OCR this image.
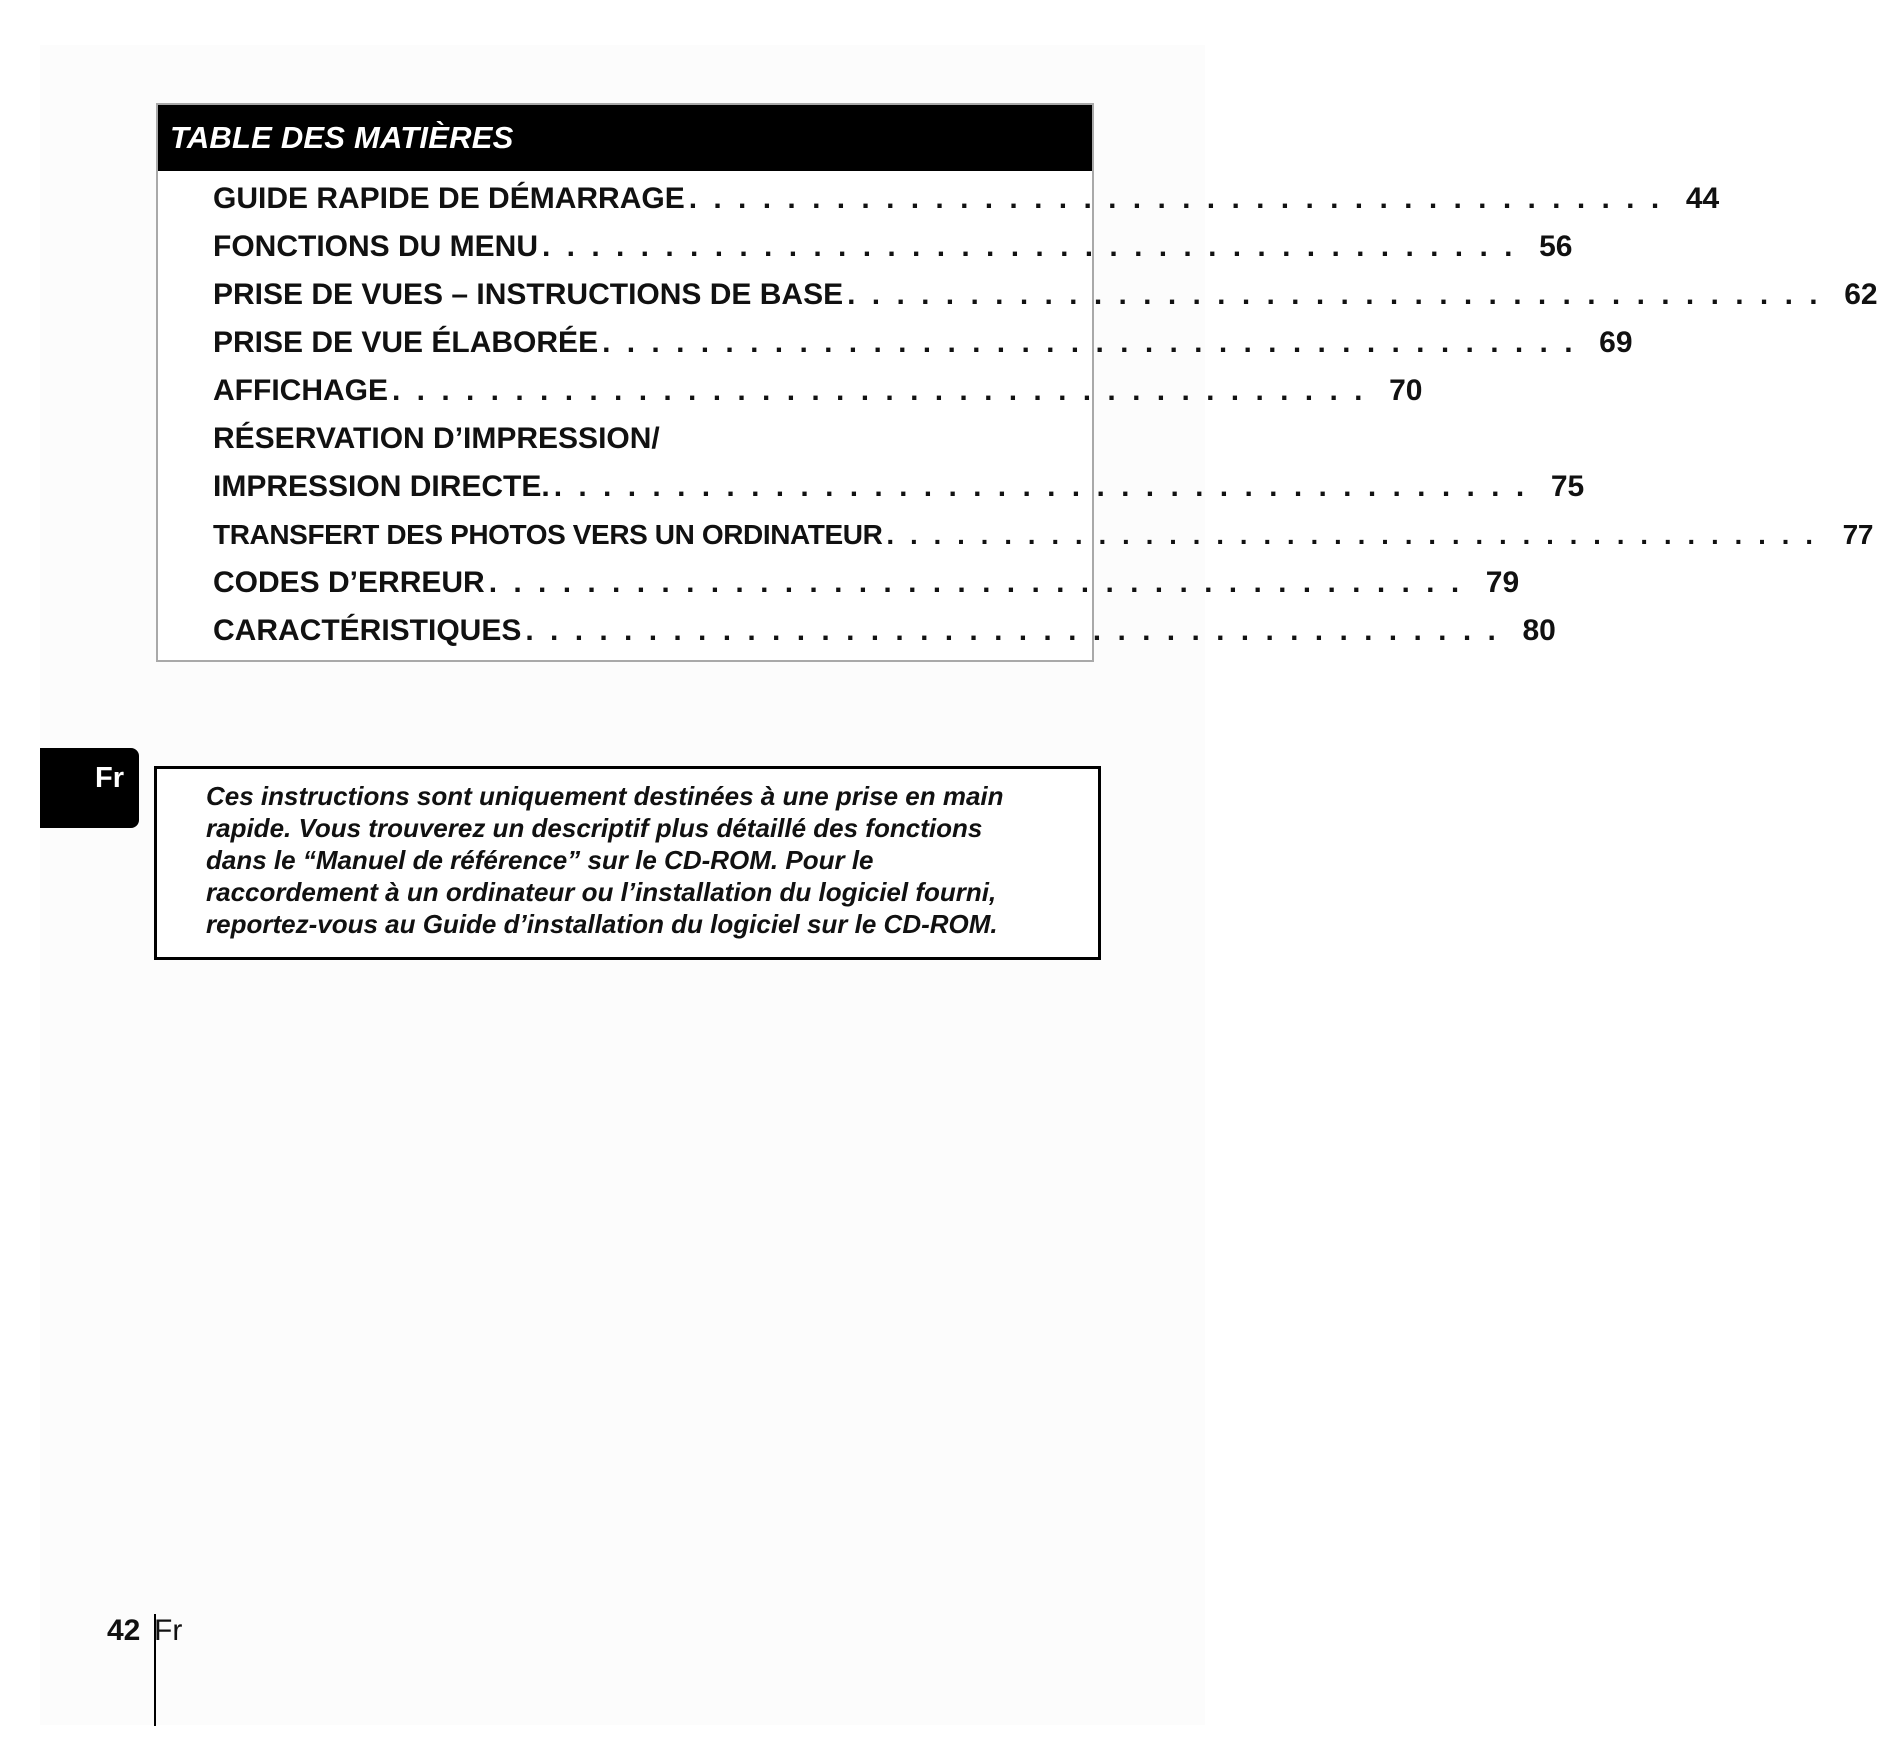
TABLE DES MATIÈRES
GUIDE RAPIDE DE DÉMARRAGE . . . . . . . . . . . . . . . . . . . . . . . . . . . . . . . . . . . . . . . . 44
FONCTIONS DU MENU . . . . . . . . . . . . . . . . . . . . . . . . . . . . . . . . . . . . . . . . 56
PRISE DE VUES – INSTRUCTIONS DE BASE . . . . . . . . . . . . . . . . . . . . . . . . . . . . . . . . . . . . . . . . 62
PRISE DE VUE ÉLABORÉE . . . . . . . . . . . . . . . . . . . . . . . . . . . . . . . . . . . . . . . . 69
AFFICHAGE . . . . . . . . . . . . . . . . . . . . . . . . . . . . . . . . . . . . . . . . 70
RÉSERVATION D’IMPRESSION/
IMPRESSION DIRECTE. . . . . . . . . . . . . . . . . . . . . . . . . . . . . . . . . . . . . . . . . 75
TRANSFERT DES PHOTOS VERS UN ORDINATEUR . . . . . . . . . . . . . . . . . . . . . . . . . . . . . . . . . . . . . . . . 77
CODES D’ERREUR . . . . . . . . . . . . . . . . . . . . . . . . . . . . . . . . . . . . . . . . 79
CARACTÉRISTIQUES . . . . . . . . . . . . . . . . . . . . . . . . . . . . . . . . . . . . . . . . 80
Fr
Ces instructions sont uniquement destinées à une prise en main
rapide. Vous trouverez un descriptif plus détaillé des fonctions
dans le “Manuel de référence” sur le CD-ROM. Pour le
raccordement à un ordinateur ou l’installation du logiciel fourni,
reportez-vous au Guide d’installation du logiciel sur le CD-ROM.
42 Fr
